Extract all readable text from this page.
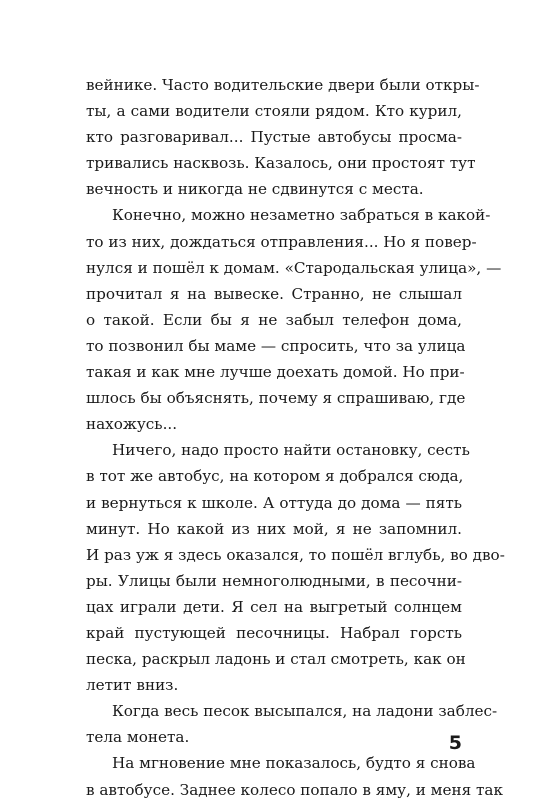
вейнике. Часто водительские двери были откры-
ты, а сами водители стояли рядом. Кто курил,
кто разговаривал... Пустые автобусы просма-
тривались насквозь. Казалось, они простоят тут
вечность и никогда не сдвинутся с места.
Конечно, можно незаметно забраться в какой-
то из них, дождаться отправления... Но я повер-
нулся и пошёл к домам. «Стародальская улица», —
прочитал я на вывеске. Странно, не слышал
о такой. Если бы я не забыл телефон дома,
то позвонил бы маме — спросить, что за улица
такая и как мне лучше доехать домой. Но при-
шлось бы объяснять, почему я спрашиваю, где
нахожусь...
Ничего, надо просто найти остановку, сесть
в тот же автобус, на котором я добрался сюда,
и вернуться к школе. А оттуда до дома — пять
минут. Но какой из них мой, я не запомнил.
И раз уж я здесь оказался, то пошёл вглубь, во дво-
ры. Улицы были немноголюдными, в песочни-
цах играли дети. Я сел на выгретый солнцем
край пустующей песочницы. Набрал горсть
песка, раскрыл ладонь и стал смотреть, как он
летит вниз.
Когда весь песок высыпался, на ладони заблес-
тела монета.
На мгновение мне показалось, будто я снова
в автобусе. Заднее колесо попало в яму, и меня так
5
